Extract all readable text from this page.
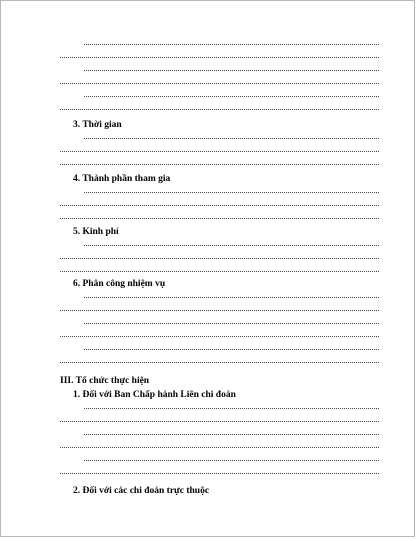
3. Thời gian
4. Thành phần tham gia
5. Kinh phí
6. Phân công nhiệm vụ
III. Tổ chức thực hiện
1. Đối với Ban Chấp hành Liên chi đoàn
2. Đối với các chi đoàn trực thuộc
